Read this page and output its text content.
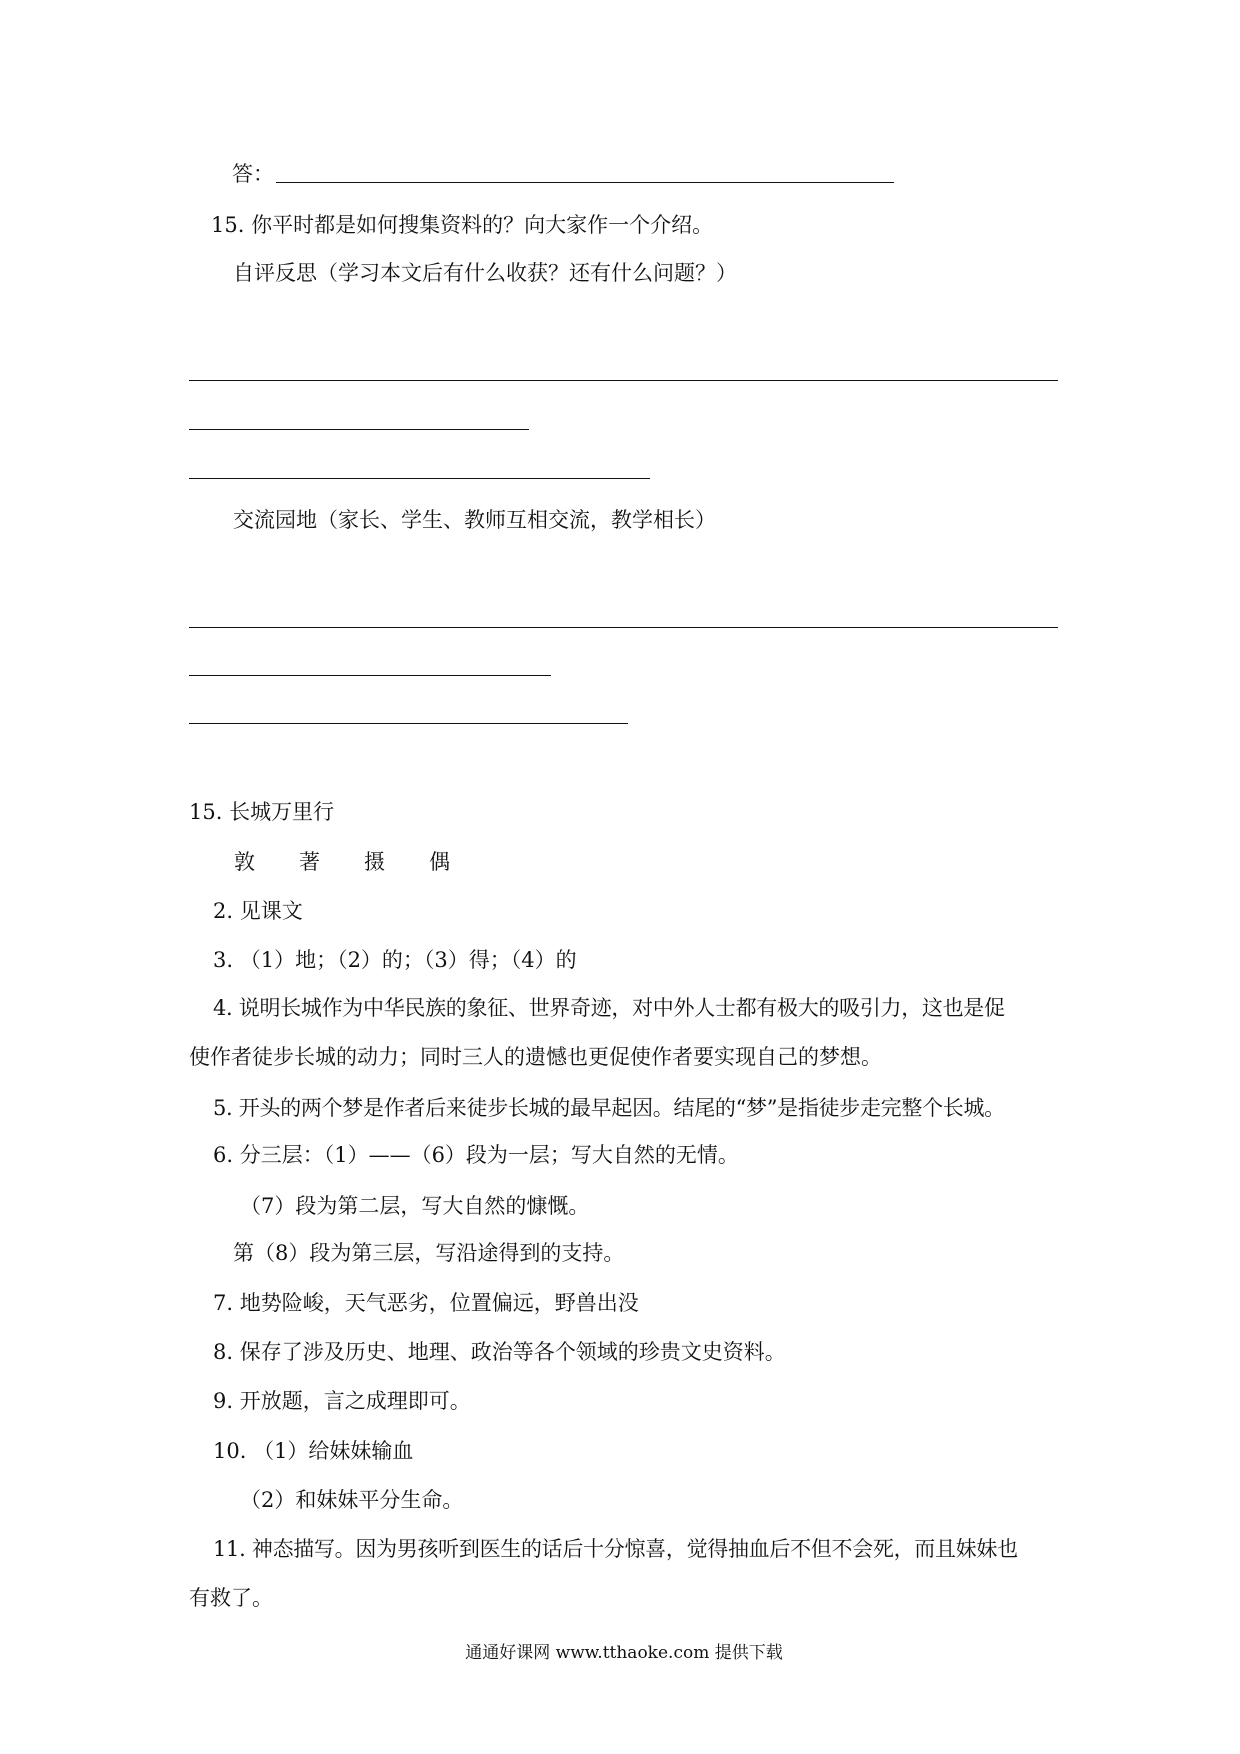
答：
15. 你平时都是如何搜集资料的？向大家作一个介绍。
自评反思（学习本文后有什么收获？还有什么问题？）
交流园地（家长、学生、教师互相交流，教学相长）
15. 长城万里行
敦 著 摄 偶
2. 见课文
3. （1）地；（2）的；（3）得；（4）的
4. 说明长城作为中华民族的象征、世界奇迹，对中外人士都有极大的吸引力，这也是促
使作者徒步长城的动力；同时三人的遗憾也更促使作者要实现自己的梦想。
5. 开头的两个梦是作者后来徒步长城的最早起因。结尾的“梦”是指徒步走完整个长城。
6. 分三层：（1）——（6）段为一层；写大自然的无情。
（7）段为第二层，写大自然的慷慨。
第（8）段为第三层，写沿途得到的支持。
7. 地势险峻，天气恶劣，位置偏远，野兽出没
8. 保存了涉及历史、地理、政治等各个领域的珍贵文史资料。
9. 开放题，言之成理即可。
10. （1）给妹妹输血
（2）和妹妹平分生命。
11. 神态描写。因为男孩听到医生的话后十分惊喜，觉得抽血后不但不会死，而且妹妹也
有救了。
通通好课网 www.tthaoke.com 提供下载
